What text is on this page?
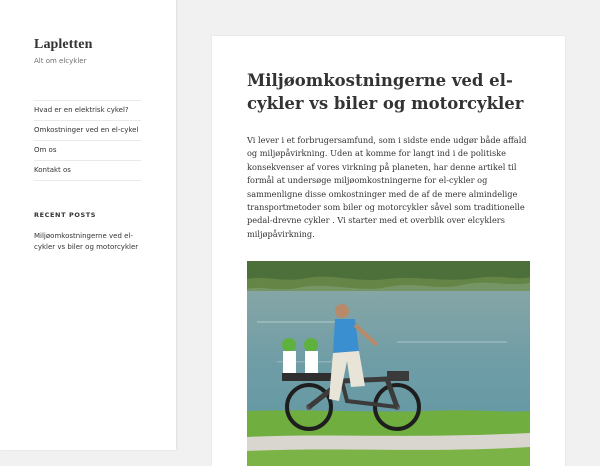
Lapletten
Alt om elcykler
Hvad er en elektrisk cykel?
Omkostninger ved en el-cykel
Om os
Kontakt os
RECENT POSTS
Miljøomkostningerne ved el-cykler vs biler og motorcykler
Miljøomkostningerne ved el-cykler vs biler og motorcykler

Vi lever i et forbrugersamfund, som i sidste ende udgør både affald og miljøpåvirkning. Uden at komme for langt ind i de politiske konsekvenser af vores virkning på planeten, har denne artikel til formål at undersøge miljøomkostningerne for el-cykler og sammenligne disse omkostninger med de af de mere almindelige transportmetoder som biler og motorcykler såvel som traditionelle pedal-drevne cykler . Vi starter med et overblik over elcyklers miljøpåvirkning.
